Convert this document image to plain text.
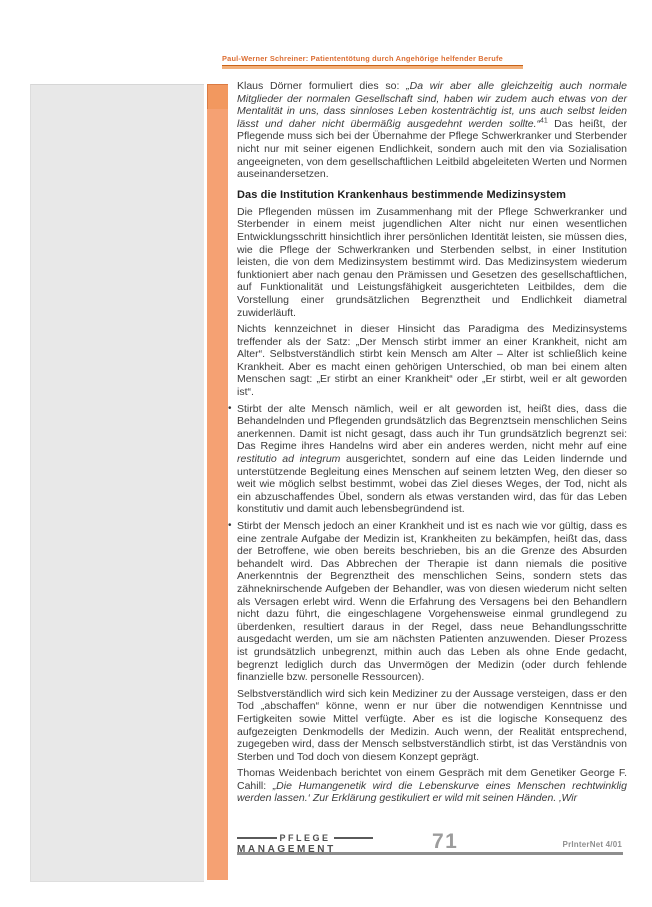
Paul-Werner Schreiner: Patiententötung durch Angehörige helfender Berufe

Klaus Dörner formuliert dies so: „Da wir aber alle gleichzeitig auch normale Mitglieder der normalen Gesellschaft sind, haben wir zudem auch etwas von der Mentalität in uns, dass sinnloses Leben kostenträchtig ist, uns auch selbst leiden lässt und daher nicht übermäßig ausgedehnt werden sollte.“$^{41}$ Das heißt, der Pflegende muss sich bei der Übernahme der Pflege Schwerkranker und Sterbender nicht nur mit seiner eigenen Endlichkeit, sondern auch mit den via Sozialisation angeeigneten, von dem gesellschaftlichen Leitbild abgeleiteten Werten und Normen auseinandersetzen.

Das die Institution Krankenhaus bestimmende Medizinsystem

Die Pflegenden müssen im Zusammenhang mit der Pflege Schwerkranker und Sterbender in einem meist jugendlichen Alter nicht nur einen wesentlichen Entwicklungsschritt hinsichtlich ihrer persönlichen Identität leisten, sie müssen dies, wie die Pflege der Schwerkranken und Sterbenden selbst, in einer Institution leisten, die von dem Medizinsystem bestimmt wird. Das Medizinsystem wiederum funktioniert aber nach genau den Prämissen und Gesetzen des gesellschaftlichen, auf Funktionalität und Leistungsfähigkeit ausgerichteten Leitbildes, dem die Vorstellung einer grundsätzlichen Begrenztheit und Endlichkeit diametral zuwiderläuft.

Nichts kennzeichnet in dieser Hinsicht das Paradigma des Medizinsystems treffender als der Satz: „Der Mensch stirbt immer an einer Krankheit, nicht am Alter“. Selbstverständlich stirbt kein Mensch am Alter – Alter ist schließlich keine Krankheit. Aber es macht einen gehörigen Unterschied, ob man bei einem alten Menschen sagt: „Er stirbt an einer Krankheit“ oder „Er stirbt, weil er alt geworden ist“.

• Stirbt der alte Mensch nämlich, weil er alt geworden ist, heißt dies, dass die Behandelnden und Pflegenden grundsätzlich das Begrenztsein menschlichen Seins anerkennen. Damit ist nicht gesagt, dass auch ihr Tun grundsätzlich begrenzt sei: Das Regime ihres Handelns wird aber ein anderes werden, nicht mehr auf eine restitutio ad integrum ausgerichtet, sondern auf eine das Leiden lindernde und unterstützende Begleitung eines Menschen auf seinem letzten Weg, den dieser so weit wie möglich selbst bestimmt, wobei das Ziel dieses Weges, der Tod, nicht als ein abzuschaffendes Übel, sondern als etwas verstanden wird, das für das Leben konstitutiv und damit auch lebensbegründend ist.
• Stirbt der Mensch jedoch an einer Krankheit und ist es nach wie vor gültig, dass es eine zentrale Aufgabe der Medizin ist, Krankheiten zu bekämpfen, heißt das, dass der Betroffene, wie oben bereits beschrieben, bis an die Grenze des Absurden behandelt wird. Das Abbrechen der Therapie ist dann niemals die positive Anerkenntnis der Begrenztheit des menschlichen Seins, sondern stets das zähneknirschende Aufgeben der Behandler, was von diesen wiederum nicht selten als Versagen erlebt wird. Wenn die Erfahrung des Versagens bei den Behandlern nicht dazu führt, die eingeschlagene Vorgehensweise einmal grundlegend zu überdenken, resultiert daraus in der Regel, dass neue Behandlungsschritte ausgedacht werden, um sie am nächsten Patienten anzuwenden. Dieser Prozess ist grundsätzlich unbegrenzt, mithin auch das Leben als ohne Ende gedacht, begrenzt lediglich durch das Unvermögen der Medizin (oder durch fehlende finanzielle bzw. personelle Ressourcen).

Selbstverständlich wird sich kein Mediziner zu der Aussage versteigen, dass er den Tod „abschaffen“ könne, wenn er nur über die notwendigen Kenntnisse und Fertigkeiten sowie Mittel verfügte. Aber es ist die logische Konsequenz des aufgezeigten Denkmodells der Medizin. Auch wenn, der Realität entsprechend, zugegeben wird, dass der Mensch selbstverständlich stirbt, ist das Verständnis von Sterben und Tod doch von diesem Konzept geprägt.

Thomas Weidenbach berichtet von einem Gespräch mit dem Genetiker George F. Cahill: „Die Humangenetik wird die Lebenskurve eines Menschen rechtwinklig werden lassen.‘ Zur Erklärung gestikuliert er wild mit seinen Händen. ‚Wir

PFLEGE
MANAGEMENT	71	PrInterNet 4/01
